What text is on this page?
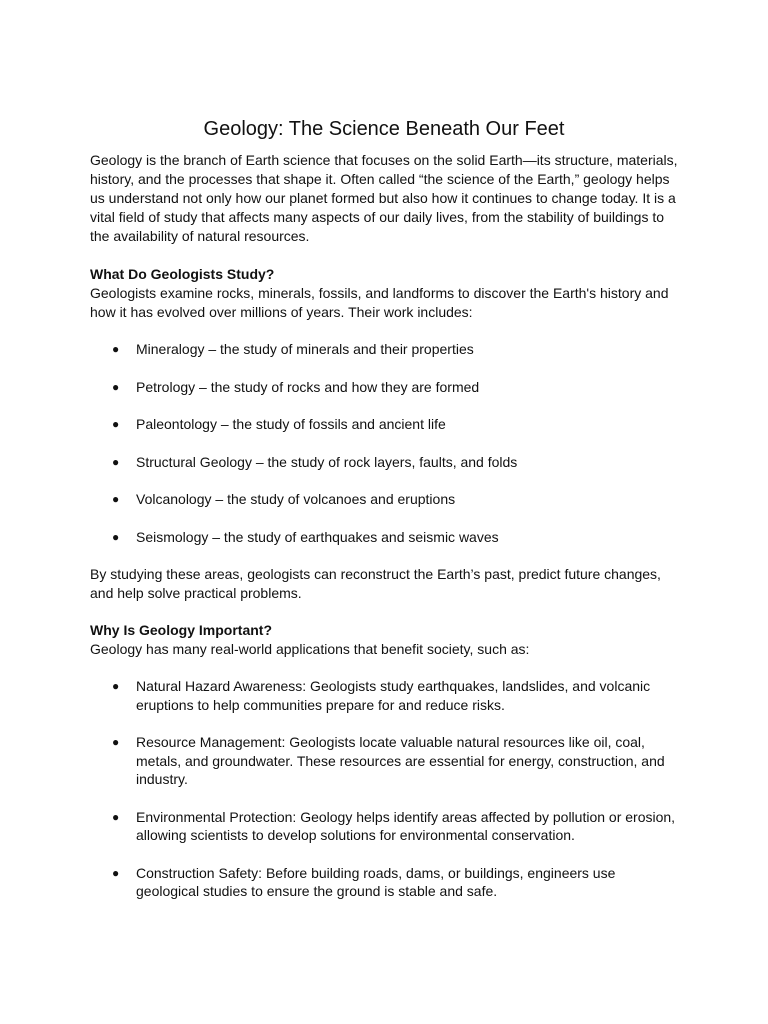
Geology: The Science Beneath Our Feet

Geology is the branch of Earth science that focuses on the solid Earth—its structure, materials, history, and the processes that shape it. Often called “the science of the Earth,” geology helps us understand not only how our planet formed but also how it continues to change today. It is a vital field of study that affects many aspects of our daily lives, from the stability of buildings to the availability of natural resources.

What Do Geologists Study?

Geologists examine rocks, minerals, fossils, and landforms to discover the Earth's history and how it has evolved over millions of years. Their work includes:

● Mineralogy – the study of minerals and their properties
● Petrology – the study of rocks and how they are formed
● Paleontology – the study of fossils and ancient life
● Structural Geology – the study of rock layers, faults, and folds
● Volcanology – the study of volcanoes and eruptions
● Seismology – the study of earthquakes and seismic waves

By studying these areas, geologists can reconstruct the Earth’s past, predict future changes, and help solve practical problems.

Why Is Geology Important?

Geology has many real-world applications that benefit society, such as:

● Natural Hazard Awareness: Geologists study earthquakes, landslides, and volcanic eruptions to help communities prepare for and reduce risks.
● Resource Management: Geologists locate valuable natural resources like oil, coal, metals, and groundwater. These resources are essential for energy, construction, and industry.
● Environmental Protection: Geology helps identify areas affected by pollution or erosion, allowing scientists to develop solutions for environmental conservation.
● Construction Safety: Before building roads, dams, or buildings, engineers use geological studies to ensure the ground is stable and safe.
